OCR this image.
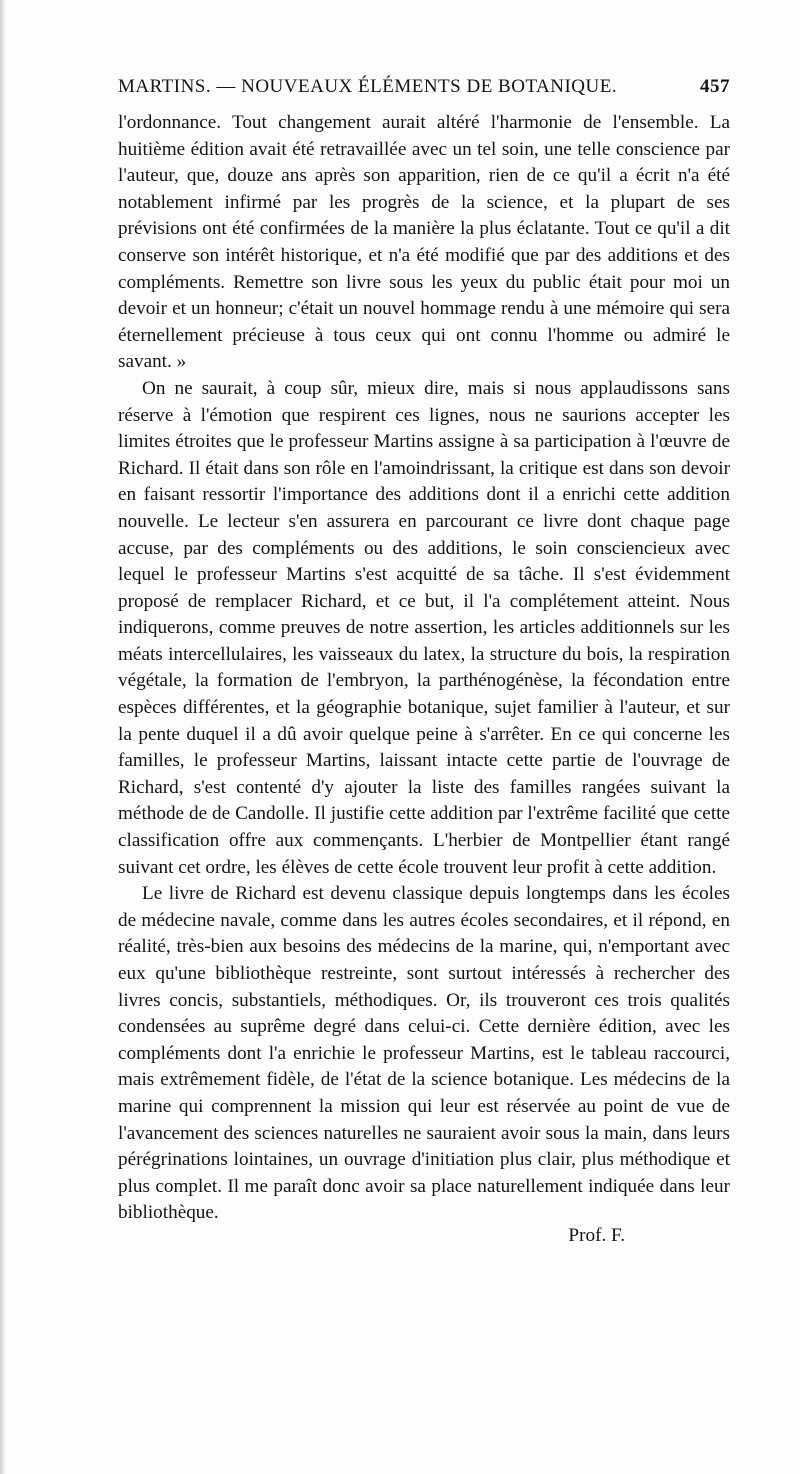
MARTINS. — NOUVEAUX ÉLÉMENTS DE BOTANIQUE.	457

l'ordonnance. Tout changement aurait altéré l'harmonie de l'ensemble. La huitième édition avait été retravaillée avec un tel soin, une telle conscience par l'auteur, que, douze ans après son apparition, rien de ce qu'il a écrit n'a été notablement infirmé par les progrès de la science, et la plupart de ses prévisions ont été confirmées de la manière la plus éclatante. Tout ce qu'il a dit conserve son intérêt historique, et n'a été modifié que par des additions et des compléments. Remettre son livre sous les yeux du public était pour moi un devoir et un honneur; c'était un nouvel hommage rendu à une mémoire qui sera éternellement précieuse à tous ceux qui ont connu l'homme ou admiré le savant. »

On ne saurait, à coup sûr, mieux dire, mais si nous applaudissons sans réserve à l'émotion que respirent ces lignes, nous ne saurions accepter les limites étroites que le professeur Martins assigne à sa participation à l'œuvre de Richard. Il était dans son rôle en l'amoindrissant, la critique est dans son devoir en faisant ressortir l'importance des additions dont il a enrichi cette addition nouvelle. Le lecteur s'en assurera en parcourant ce livre dont chaque page accuse, par des compléments ou des additions, le soin consciencieux avec lequel le professeur Martins s'est acquitté de sa tâche. Il s'est évidemment proposé de remplacer Richard, et ce but, il l'a complétement atteint. Nous indiquerons, comme preuves de notre assertion, les articles additionnels sur les méats intercellulaires, les vaisseaux du latex, la structure du bois, la respiration végétale, la formation de l'embryon, la parthénogénèse, la fécondation entre espèces différentes, et la géographie botanique, sujet familier à l'auteur, et sur la pente duquel il a dû avoir quelque peine à s'arrêter. En ce qui concerne les familles, le professeur Martins, laissant intacte cette partie de l'ouvrage de Richard, s'est contenté d'y ajouter la liste des familles rangées suivant la méthode de de Candolle. Il justifie cette addition par l'extrême facilité que cette classification offre aux commençants. L'herbier de Montpellier étant rangé suivant cet ordre, les élèves de cette école trouvent leur profit à cette addition.

Le livre de Richard est devenu classique depuis longtemps dans les écoles de médecine navale, comme dans les autres écoles secondaires, et il répond, en réalité, très-bien aux besoins des médecins de la marine, qui, n'emportant avec eux qu'une bibliothèque restreinte, sont surtout intéressés à rechercher des livres concis, substantiels, méthodiques. Or, ils trouveront ces trois qualités condensées au suprême degré dans celui-ci. Cette dernière édition, avec les compléments dont l'a enrichie le professeur Martins, est le tableau raccourci, mais extrêmement fidèle, de l'état de la science botanique. Les médecins de la marine qui comprennent la mission qui leur est réservée au point de vue de l'avancement des sciences naturelles ne sauraient avoir sous la main, dans leurs pérégrinations lointaines, un ouvrage d'initiation plus clair, plus méthodique et plus complet. Il me paraît donc avoir sa place naturellement indiquée dans leur bibliothèque.

Prof. F.
